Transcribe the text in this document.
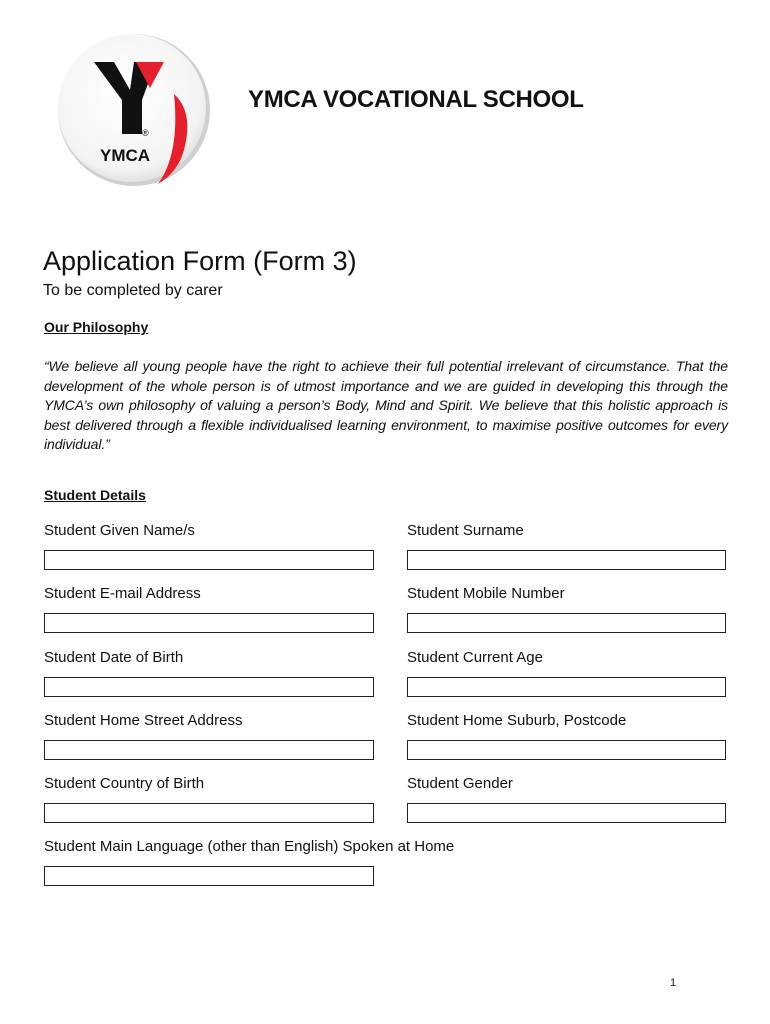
®
YMCA
YMCA VOCATIONAL SCHOOL
Application Form (Form 3)
To be completed by carer
Our Philosophy
“We believe all young people have the right to achieve their full potential irrelevant of circumstance. That the development of the whole person is of utmost importance and we are guided in developing this through the YMCA’s own philosophy of valuing a person’s Body, Mind and Spirit. We believe that this holistic approach is best delivered through a flexible individualised learning environment, to maximise positive outcomes for every individual.”
Student Details
Student Given Name/s	Student Surname
Student E-mail Address	Student Mobile Number
Student Date of Birth	Student Current Age
Student Home Street Address	Student Home Suburb, Postcode
Student Country of Birth	Student Gender
Student Main Language (other than English) Spoken at Home
1
